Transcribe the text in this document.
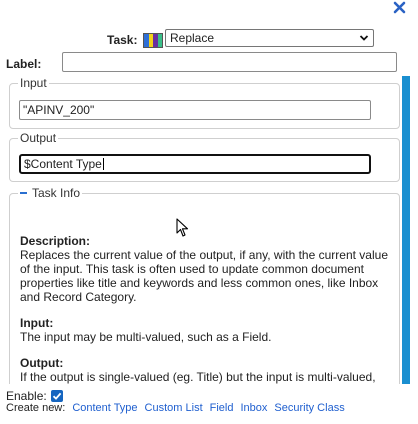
Task:	Replace
Label:
Input
"APINV_200"
Output
$Content Type
Task Info
Description:
Replaces the current value of the output, if any, with the current value of the input. This task is often used to update common document properties like title and keywords and less common ones, like Inbox and Record Category.
Input:
The input may be multi-valued, such as a Field.
Output:
If the output is single-valued (eg. Title) but the input is multi-valued,
Enable:
Create new: Content Type Custom List Field Inbox Security Class
